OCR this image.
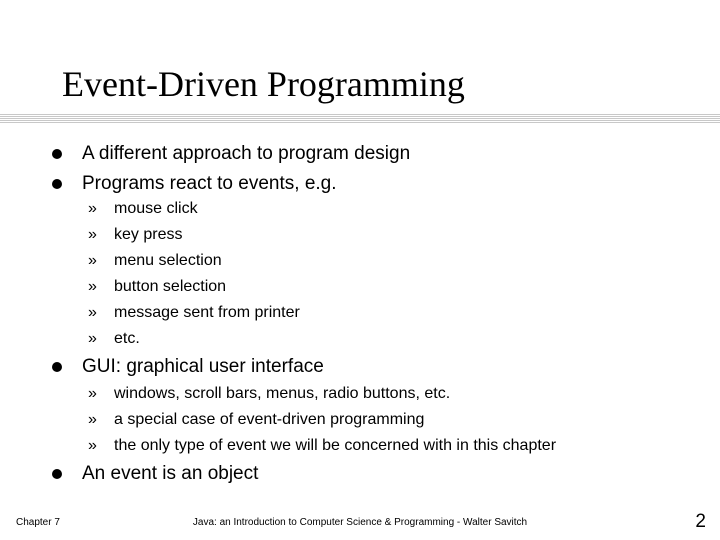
Event-Driven Programming
A different approach to program design
Programs react to events, e.g.
» mouse click
» key press
» menu selection
» button selection
» message sent from printer
» etc.
GUI: graphical user interface
» windows, scroll bars, menus, radio buttons, etc.
» a special case of event-driven programming
» the only type of event we will be concerned with in this chapter
An event is an object
Chapter 7	Java: an Introduction to Computer Science & Programming - Walter Savitch	2
